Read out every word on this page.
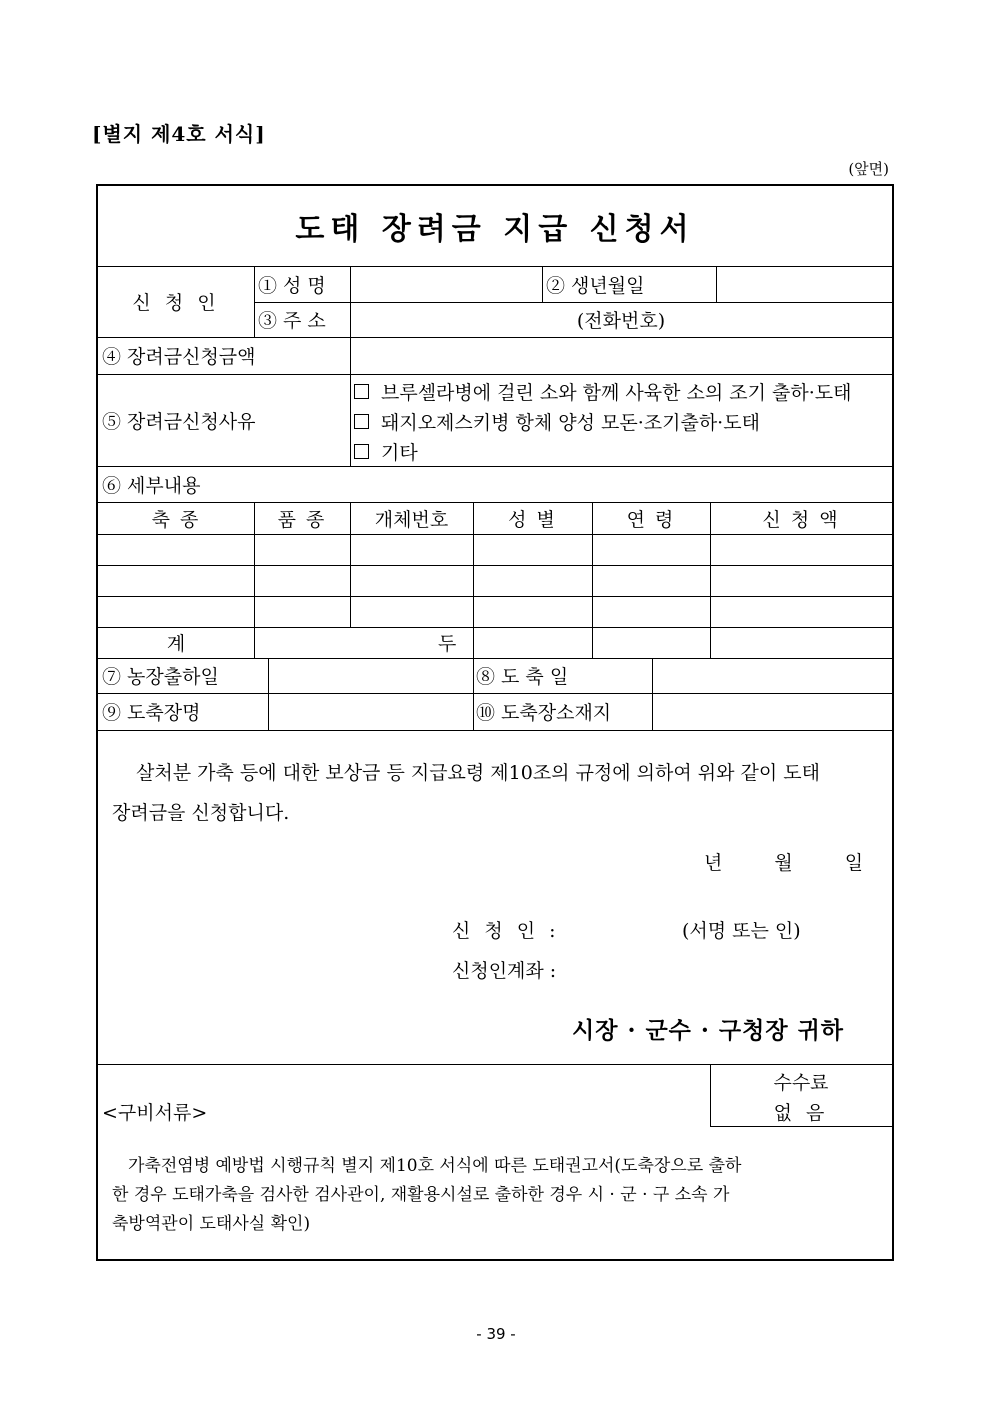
[별지 제4호 서식]
(앞면)
도태 장려금 지급 신청서
신 청 인
① 성 명	② 생년월일
③ 주 소	(전화번호)
④ 장려금신청금액
⑤ 장려금신청사유
브루셀라병에 걸린 소와 함께 사육한 소의 조기 출하·도태
돼지오제스키병 항체 양성 모돈·조기출하·도태
기타
⑥ 세부내용
축 종	품 종	개체번호	성 별	연 령	신 청 액
계	두
⑦ 농장출하일	⑧ 도 축 일
⑨ 도축장명	⑩ 도축장소재지
살처분 가축 등에 대한 보상금 등 지급요령 제10조의 규정에 의하여 위와 같이 도태
장려금을 신청합니다.
년 월 일
신 청 인 :	(서명 또는 인)
신청인계좌 :
시장 · 군수 · 구청장 귀하
<구비서류>
수수료
없 음
가축전염병 예방법 시행규칙 별지 제10호 서식에 따른 도태권고서(도축장으로 출하
한 경우 도태가축을 검사한 검사관이, 재활용시설로 출하한 경우 시 · 군 · 구 소속 가
축방역관이 도태사실 확인)
- 39 -
